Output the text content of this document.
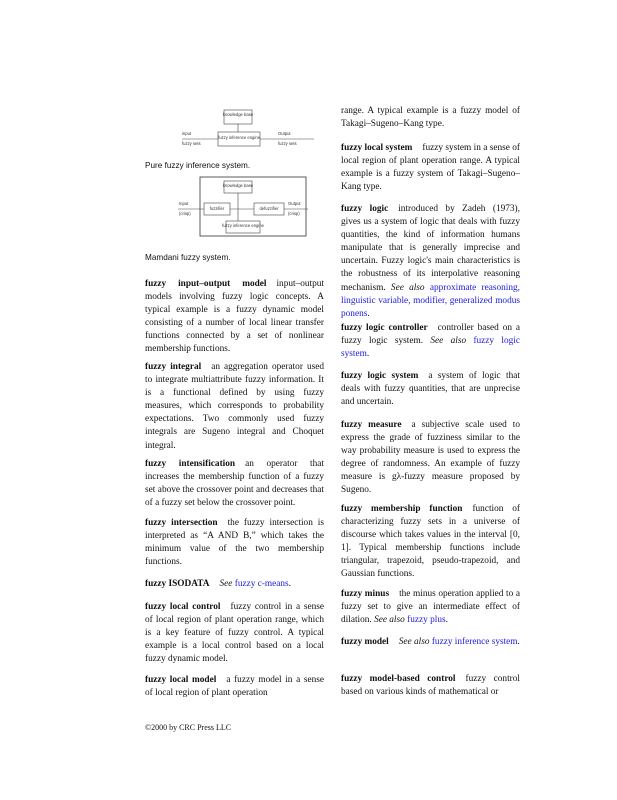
knowledge base
fuzzy inference engine
input
fuzzy sets
Output
fuzzy sets
Pure fuzzy inference system.
knowledge base
fuzzifier	defuzzifier
fuzzy inference engine
Input
(crisp)
Output
(crisp)
Mamdani fuzzy system.

fuzzy input–output model input–output models involving fuzzy logic concepts. A typical example is a fuzzy dynamic model consisting of a number of local linear transfer functions connected by a set of nonlinear membership functions.

fuzzy integral an aggregation operator used to integrate multiattribute fuzzy information. It is a functional defined by using fuzzy measures, which corresponds to probability expectations. Two commonly used fuzzy integrals are Sugeno integral and Choquet integral.

fuzzy intensification an operator that increases the membership function of a fuzzy set above the crossover point and decreases that of a fuzzy set below the crossover point.

fuzzy intersection the fuzzy intersection is interpreted as “A AND B,” which takes the minimum value of the two membership functions.

fuzzy ISODATA See fuzzy c-means.

fuzzy local control fuzzy control in a sense of local region of plant operation range, which is a key feature of fuzzy control. A typical example is a local control based on a local fuzzy dynamic model.

fuzzy local model a fuzzy model in a sense of local region of plant operation

range. A typical example is a fuzzy model of Takagi–Sugeno–Kang type.

fuzzy local system fuzzy system in a sense of local region of plant operation range. A typical example is a fuzzy system of Takagi–Sugeno–Kang type.

fuzzy logic introduced by Zadeh (1973), gives us a system of logic that deals with fuzzy quantities, the kind of information humans manipulate that is generally imprecise and uncertain. Fuzzy logic's main characteristics is the robustness of its interpolative reasoning mechanism. See also approximate reasoning, linguistic variable, modifier, generalized modus ponens.

fuzzy logic controller controller based on a fuzzy logic system. See also fuzzy logic system.

fuzzy logic system a system of logic that deals with fuzzy quantities, that are unprecise and uncertain.

fuzzy measure a subjective scale used to express the grade of fuzziness similar to the way probability measure is used to express the degree of randomness. An example of fuzzy measure is gλ-fuzzy measure proposed by Sugeno.

fuzzy membership function function of characterizing fuzzy sets in a universe of discourse which takes values in the interval [0, 1]. Typical membership functions include triangular, trapezoid, pseudo-trapezoid, and Gaussian functions.

fuzzy minus the minus operation applied to a fuzzy set to give an intermediate effect of dilation. See also fuzzy plus.

fuzzy model See also fuzzy inference system.

fuzzy model-based control fuzzy control based on various kinds of mathematical or

©2000 by CRC Press LLC
